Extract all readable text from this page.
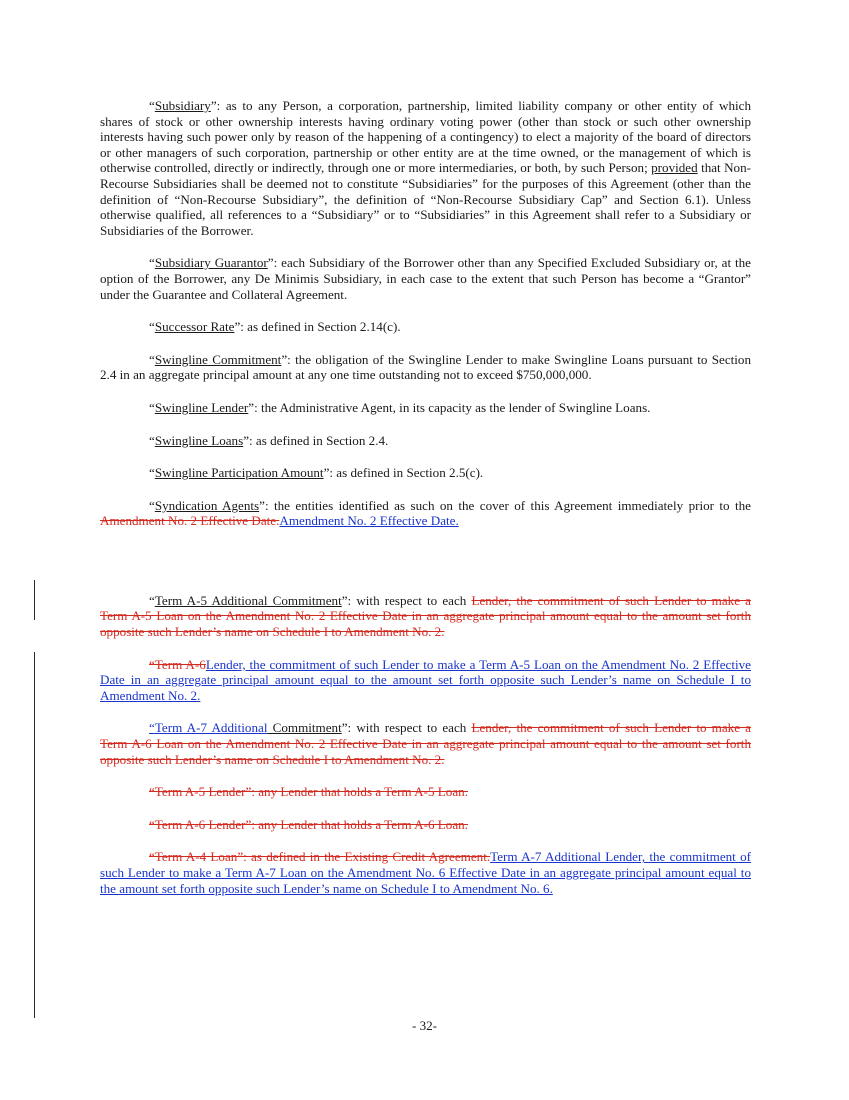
“Subsidiary”: as to any Person, a corporation, partnership, limited liability company or other entity of which shares of stock or other ownership interests having ordinary voting power (other than stock or such other ownership interests having such power only by reason of the happening of a contingency) to elect a majority of the board of directors or other managers of such corporation, partnership or other entity are at the time owned, or the management of which is otherwise controlled, directly or indirectly, through one or more intermediaries, or both, by such Person; provided that Non-Recourse Subsidiaries shall be deemed not to constitute “Subsidiaries” for the purposes of this Agreement (other than the definition of “Non-Recourse Subsidiary”, the definition of “Non-Recourse Subsidiary Cap” and Section 6.1). Unless otherwise qualified, all references to a “Subsidiary” or to “Subsidiaries” in this Agreement shall refer to a Subsidiary or Subsidiaries of the Borrower.

“Subsidiary Guarantor”: each Subsidiary of the Borrower other than any Specified Excluded Subsidiary or, at the option of the Borrower, any De Minimis Subsidiary, in each case to the extent that such Person has become a “Grantor” under the Guarantee and Collateral Agreement.

“Successor Rate”: as defined in Section 2.14(c).

“Swingline Commitment”: the obligation of the Swingline Lender to make Swingline Loans pursuant to Section 2.4 in an aggregate principal amount at any one time outstanding not to exceed $750,000,000.

“Swingline Lender”: the Administrative Agent, in its capacity as the lender of Swingline Loans.

“Swingline Loans”: as defined in Section 2.4.

“Swingline Participation Amount”: as defined in Section 2.5(c).

“Syndication Agents”: the entities identified as such on the cover of this Agreement immediately prior to the Amendment No. 2 Effective Date.Amendment No. 2 Effective Date.

“Term A-5 Additional Commitment”: with respect to each Lender, the commitment of such Lender to make a Term A-5 Loan on the Amendment No. 2 Effective Date in an aggregate principal amount equal to the amount set forth opposite such Lender’s name on Schedule I to Amendment No. 2.

“Term A-6Lender, the commitment of such Lender to make a Term A-5 Loan on the Amendment No. 2 Effective Date in an aggregate principal amount equal to the amount set forth opposite such Lender’s name on Schedule I to Amendment No. 2.

“Term A-7 Additional Commitment”: with respect to each Lender, the commitment of such Lender to make a Term A-6 Loan on the Amendment No. 2 Effective Date in an aggregate principal amount equal to the amount set forth opposite such Lender’s name on Schedule I to Amendment No. 2.

“Term A-5 Lender”: any Lender that holds a Term A-5 Loan.

“Term A-6 Lender”: any Lender that holds a Term A-6 Loan.

“Term A-4 Loan”: as defined in the Existing Credit Agreement.Term A-7 Additional Lender, the commitment of such Lender to make a Term A-7 Loan on the Amendment No. 6 Effective Date in an aggregate principal amount equal to the amount set forth opposite such Lender’s name on Schedule I to Amendment No. 6.

- 32-
